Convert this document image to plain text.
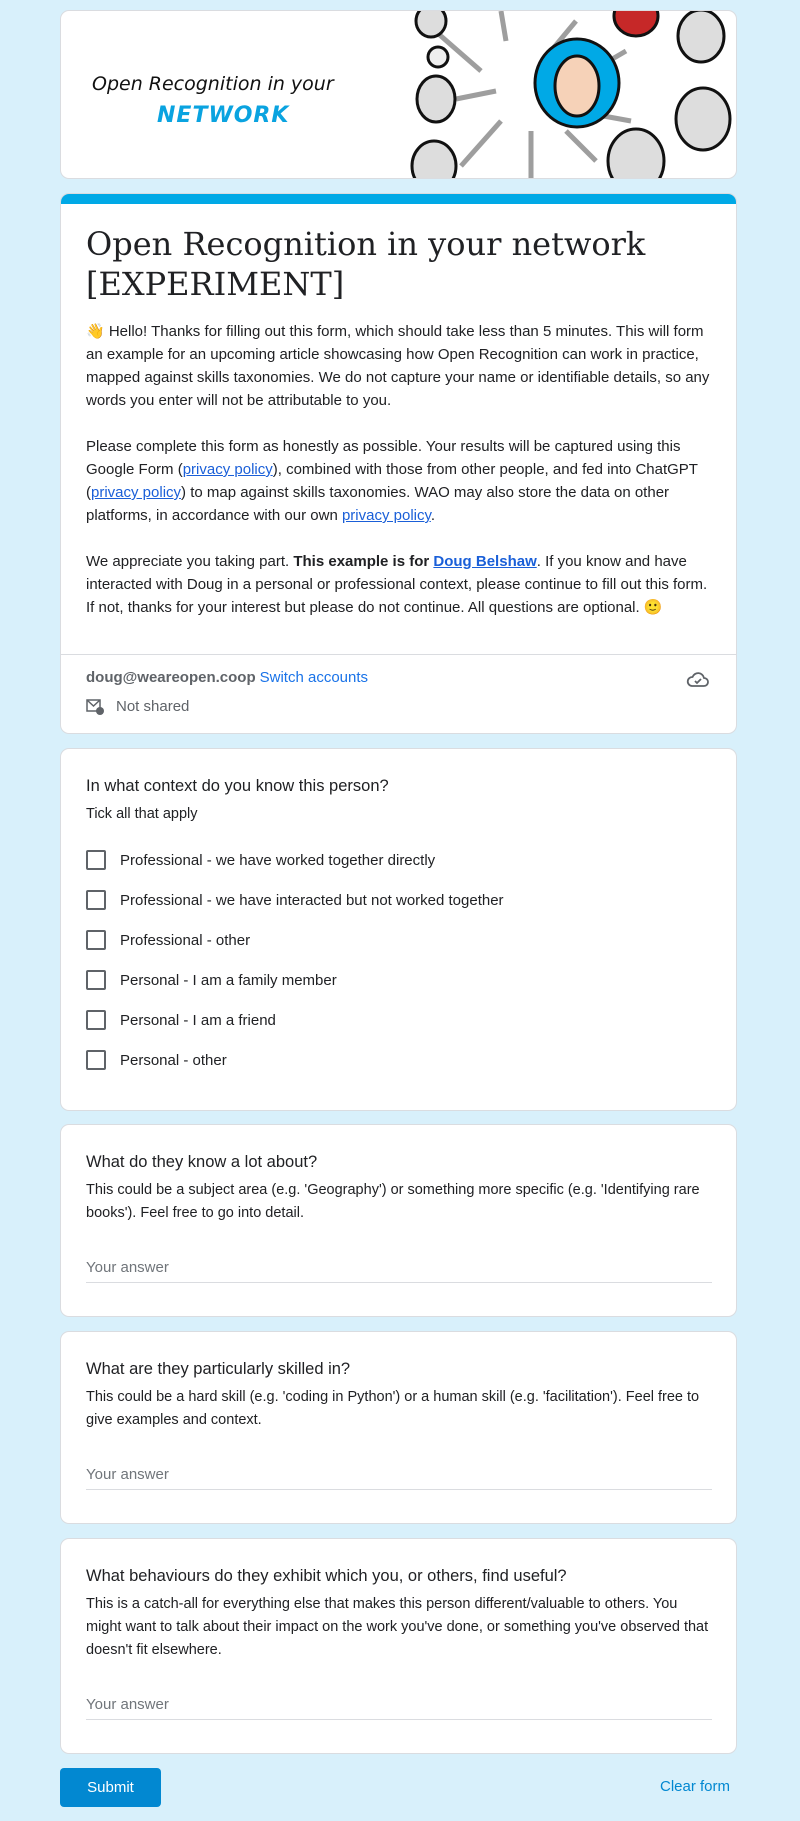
Open Recognition in your
NETWORK
Open Recognition in your network [EXPERIMENT]

👋 Hello! Thanks for filling out this form, which should take less than 5 minutes. This will form an example for an upcoming article showcasing how Open Recognition can work in practice, mapped against skills taxonomies. We do not capture your name or identifiable details, so any words you enter will not be attributable to you.

Please complete this form as honestly as possible. Your results will be captured using this Google Form (privacy policy), combined with those from other people, and fed into ChatGPT (privacy policy) to map against skills taxonomies. WAO may also store the data on other platforms, in accordance with our own privacy policy.

We appreciate you taking part. This example is for Doug Belshaw. If you know and have interacted with Doug in a personal or professional context, please continue to fill out this form. If not, thanks for your interest but please do not continue. All questions are optional. 🙂

doug@weareopen.coop Switch accounts
Not shared
In what context do you know this person?
Tick all that apply
Professional - we have worked together directly
Professional - we have interacted but not worked together
Professional - other
Personal - I am a family member
Personal - I am a friend
Personal - other
What do they know a lot about?
This could be a subject area (e.g. 'Geography') or something more specific (e.g. 'Identifying rare books'). Feel free to go into detail.
Your answer
What are they particularly skilled in?
This could be a hard skill (e.g. 'coding in Python') or a human skill (e.g. 'facilitation'). Feel free to give examples and context.
Your answer
What behaviours do they exhibit which you, or others, find useful?
This is a catch-all for everything else that makes this person different/valuable to others. You might want to talk about their impact on the work you've done, or something you've observed that doesn't fit elsewhere.
Your answer
Submit	Clear form
